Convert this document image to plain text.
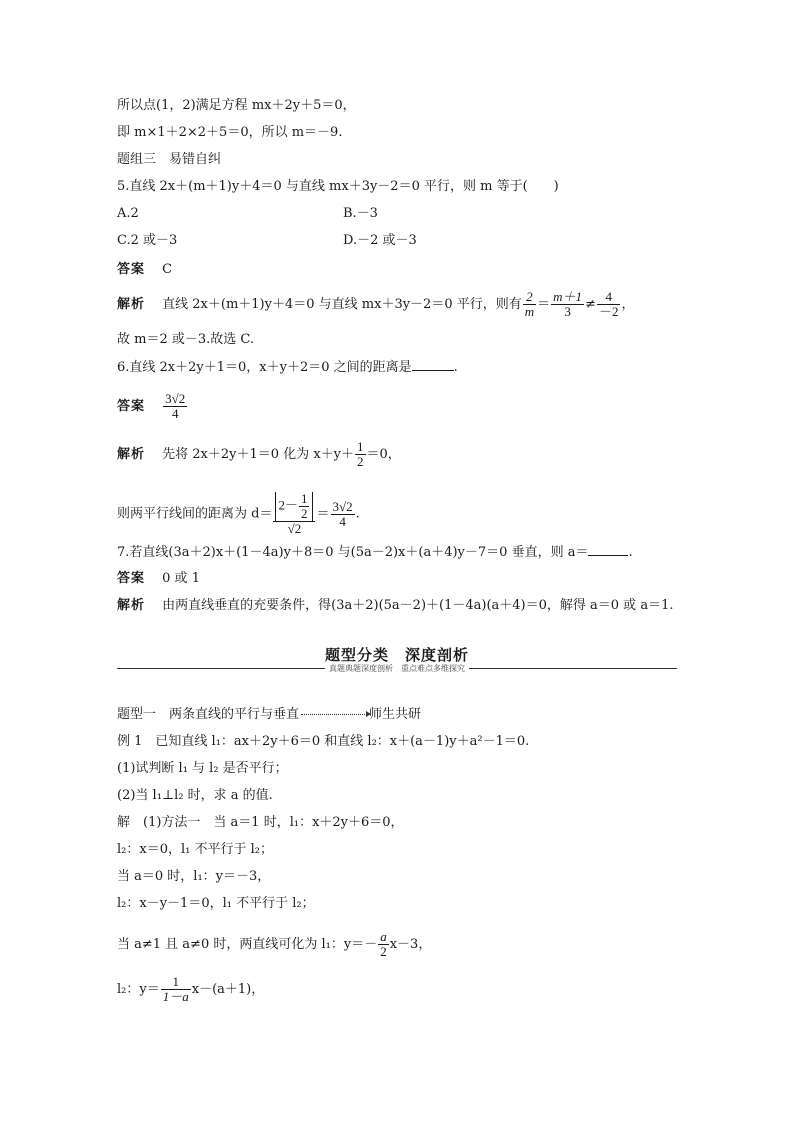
所以点(1，2)满足方程 mx＋2y＋5＝0，
即 m×1＋2×2＋5＝0，所以 m＝－9.
题组三　易错自纠
5.直线 2x＋(m＋1)y＋4＝0 与直线 mx＋3y－2＝0 平行，则 m 等于(　　)
A.2	B.－3
C.2 或－3	D.－2 或－3
答案　 C
解析　 直线 2x＋(m＋1)y＋4＝0 与直线 mx＋3y－2＝0 平行，则有 $\frac{2}{m} = \frac{m+1}{3} \ne \frac{4}{-2}$ ，
故 m＝2 或－3.故选 C.
6.直线 2x＋2y＋1＝0，x＋y＋2＝0 之间的距离是	.
答案　 $\frac{3√2}{4}$
解析　 先将 2x＋2y＋1＝0 化为 $x+y+ \frac{1}{2} =0$，
则两平行线间的距离为 $d= \frac{2- \frac{1}{2}}{√2} = \frac{3√2}{4}$ .
7.若直线(3a＋2)x＋(1－4a)y＋8＝0 与(5a－2)x＋(a＋4)y－7＝0 垂直，则 a＝	.
答案　 0 或 1
解析　 由两直线垂直的充要条件，得(3a＋2)(5a－2)＋(1－4a)(a＋4)＝0，解得 a＝0 或 a＝1.
题型分类　深度剖析
真题典题深度剖析　重点难点多维探究
题型一　两条直线的平行与垂直	师生共研
例 1　已知直线 l₁：ax＋2y＋6＝0 和直线 l₂：x＋(a－1)y＋a²－1＝0.
(1)试判断 l₁ 与 l₂ 是否平行；
(2)当 l₁⊥l₂ 时，求 a 的值.
解　(1)方法一　当 a＝1 时，l₁：x＋2y＋6＝0，
l₂：x＝0，l₁ 不平行于 l₂；
当 a＝0 时，l₁：y＝－3，
l₂：x－y－1＝0，l₁ 不平行于 l₂；
当 a≠1 且 a≠0 时，两直线可化为 l₁：$y=- \frac{a}{2} x-3$，
l₂：$y= \frac{1}{1-a} x-(a+1)$，
